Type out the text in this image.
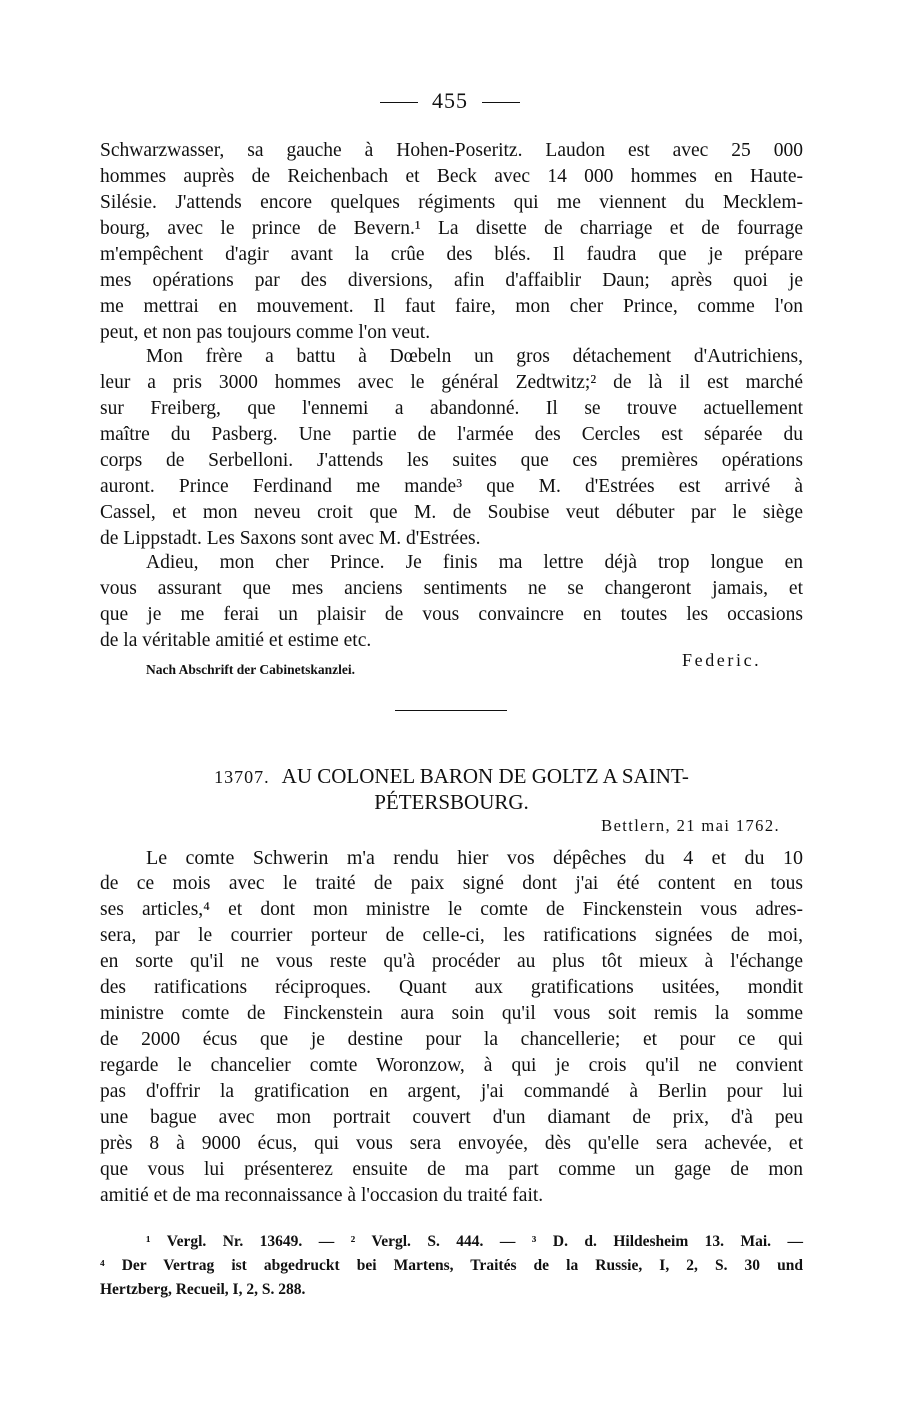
455
Schwarzwasser, sa gauche à Hohen-Poseritz. Laudon est avec 25 000
hommes auprès de Reichenbach et Beck avec 14 000 hommes en Haute-
Silésie. J'attends encore quelques régiments qui me viennent du Mecklem-
bourg, avec le prince de Bevern.¹ La disette de charriage et de fourrage
m'empêchent d'agir avant la crûe des blés. Il faudra que je prépare
mes opérations par des diversions, afin d'affaiblir Daun; après quoi je
me mettrai en mouvement. Il faut faire, mon cher Prince, comme l'on
peut, et non pas toujours comme l'on veut.
Mon frère a battu à Dœbeln un gros détachement d'Autrichiens,
leur a pris 3000 hommes avec le général Zedtwitz;² de là il est marché
sur Freiberg, que l'ennemi a abandonné. Il se trouve actuellement
maître du Pasberg. Une partie de l'armée des Cercles est séparée du
corps de Serbelloni. J'attends les suites que ces premières opérations
auront. Prince Ferdinand me mande³ que M. d'Estrées est arrivé à
Cassel, et mon neveu croit que M. de Soubise veut débuter par le siège
de Lippstadt. Les Saxons sont avec M. d'Estrées.
Adieu, mon cher Prince. Je finis ma lettre déjà trop longue en
vous assurant que mes anciens sentiments ne se changeront jamais, et
que je me ferai un plaisir de vous convaincre en toutes les occasions
de la véritable amitié et estime etc.
Nach Abschrift der Cabinetskanzlei.	Federic.
13707. AU COLONEL BARON DE GOLTZ A SAINT-
PÉTERSBOURG.
Bettlern, 21 mai 1762.
Le comte Schwerin m'a rendu hier vos dépêches du 4 et du 10
de ce mois avec le traité de paix signé dont j'ai été content en tous
ses articles,⁴ et dont mon ministre le comte de Finckenstein vous adres-
sera, par le courrier porteur de celle-ci, les ratifications signées de moi,
en sorte qu'il ne vous reste qu'à procéder au plus tôt mieux à l'échange
des ratifications réciproques. Quant aux gratifications usitées, mondit
ministre comte de Finckenstein aura soin qu'il vous soit remis la somme
de 2000 écus que je destine pour la chancellerie; et pour ce qui
regarde le chancelier comte Woronzow, à qui je crois qu'il ne convient
pas d'offrir la gratification en argent, j'ai commandé à Berlin pour lui
une bague avec mon portrait couvert d'un diamant de prix, d'à peu
près 8 à 9000 écus, qui vous sera envoyée, dès qu'elle sera achevée, et
que vous lui présenterez ensuite de ma part comme un gage de mon
amitié et de ma reconnaissance à l'occasion du traité fait.
¹ Vergl. Nr. 13649. — ² Vergl. S. 444. — ³ D. d. Hildesheim 13. Mai. —
⁴ Der Vertrag ist abgedruckt bei Martens, Traités de la Russie, I, 2, S. 30 und
Hertzberg, Recueil, I, 2, S. 288.
